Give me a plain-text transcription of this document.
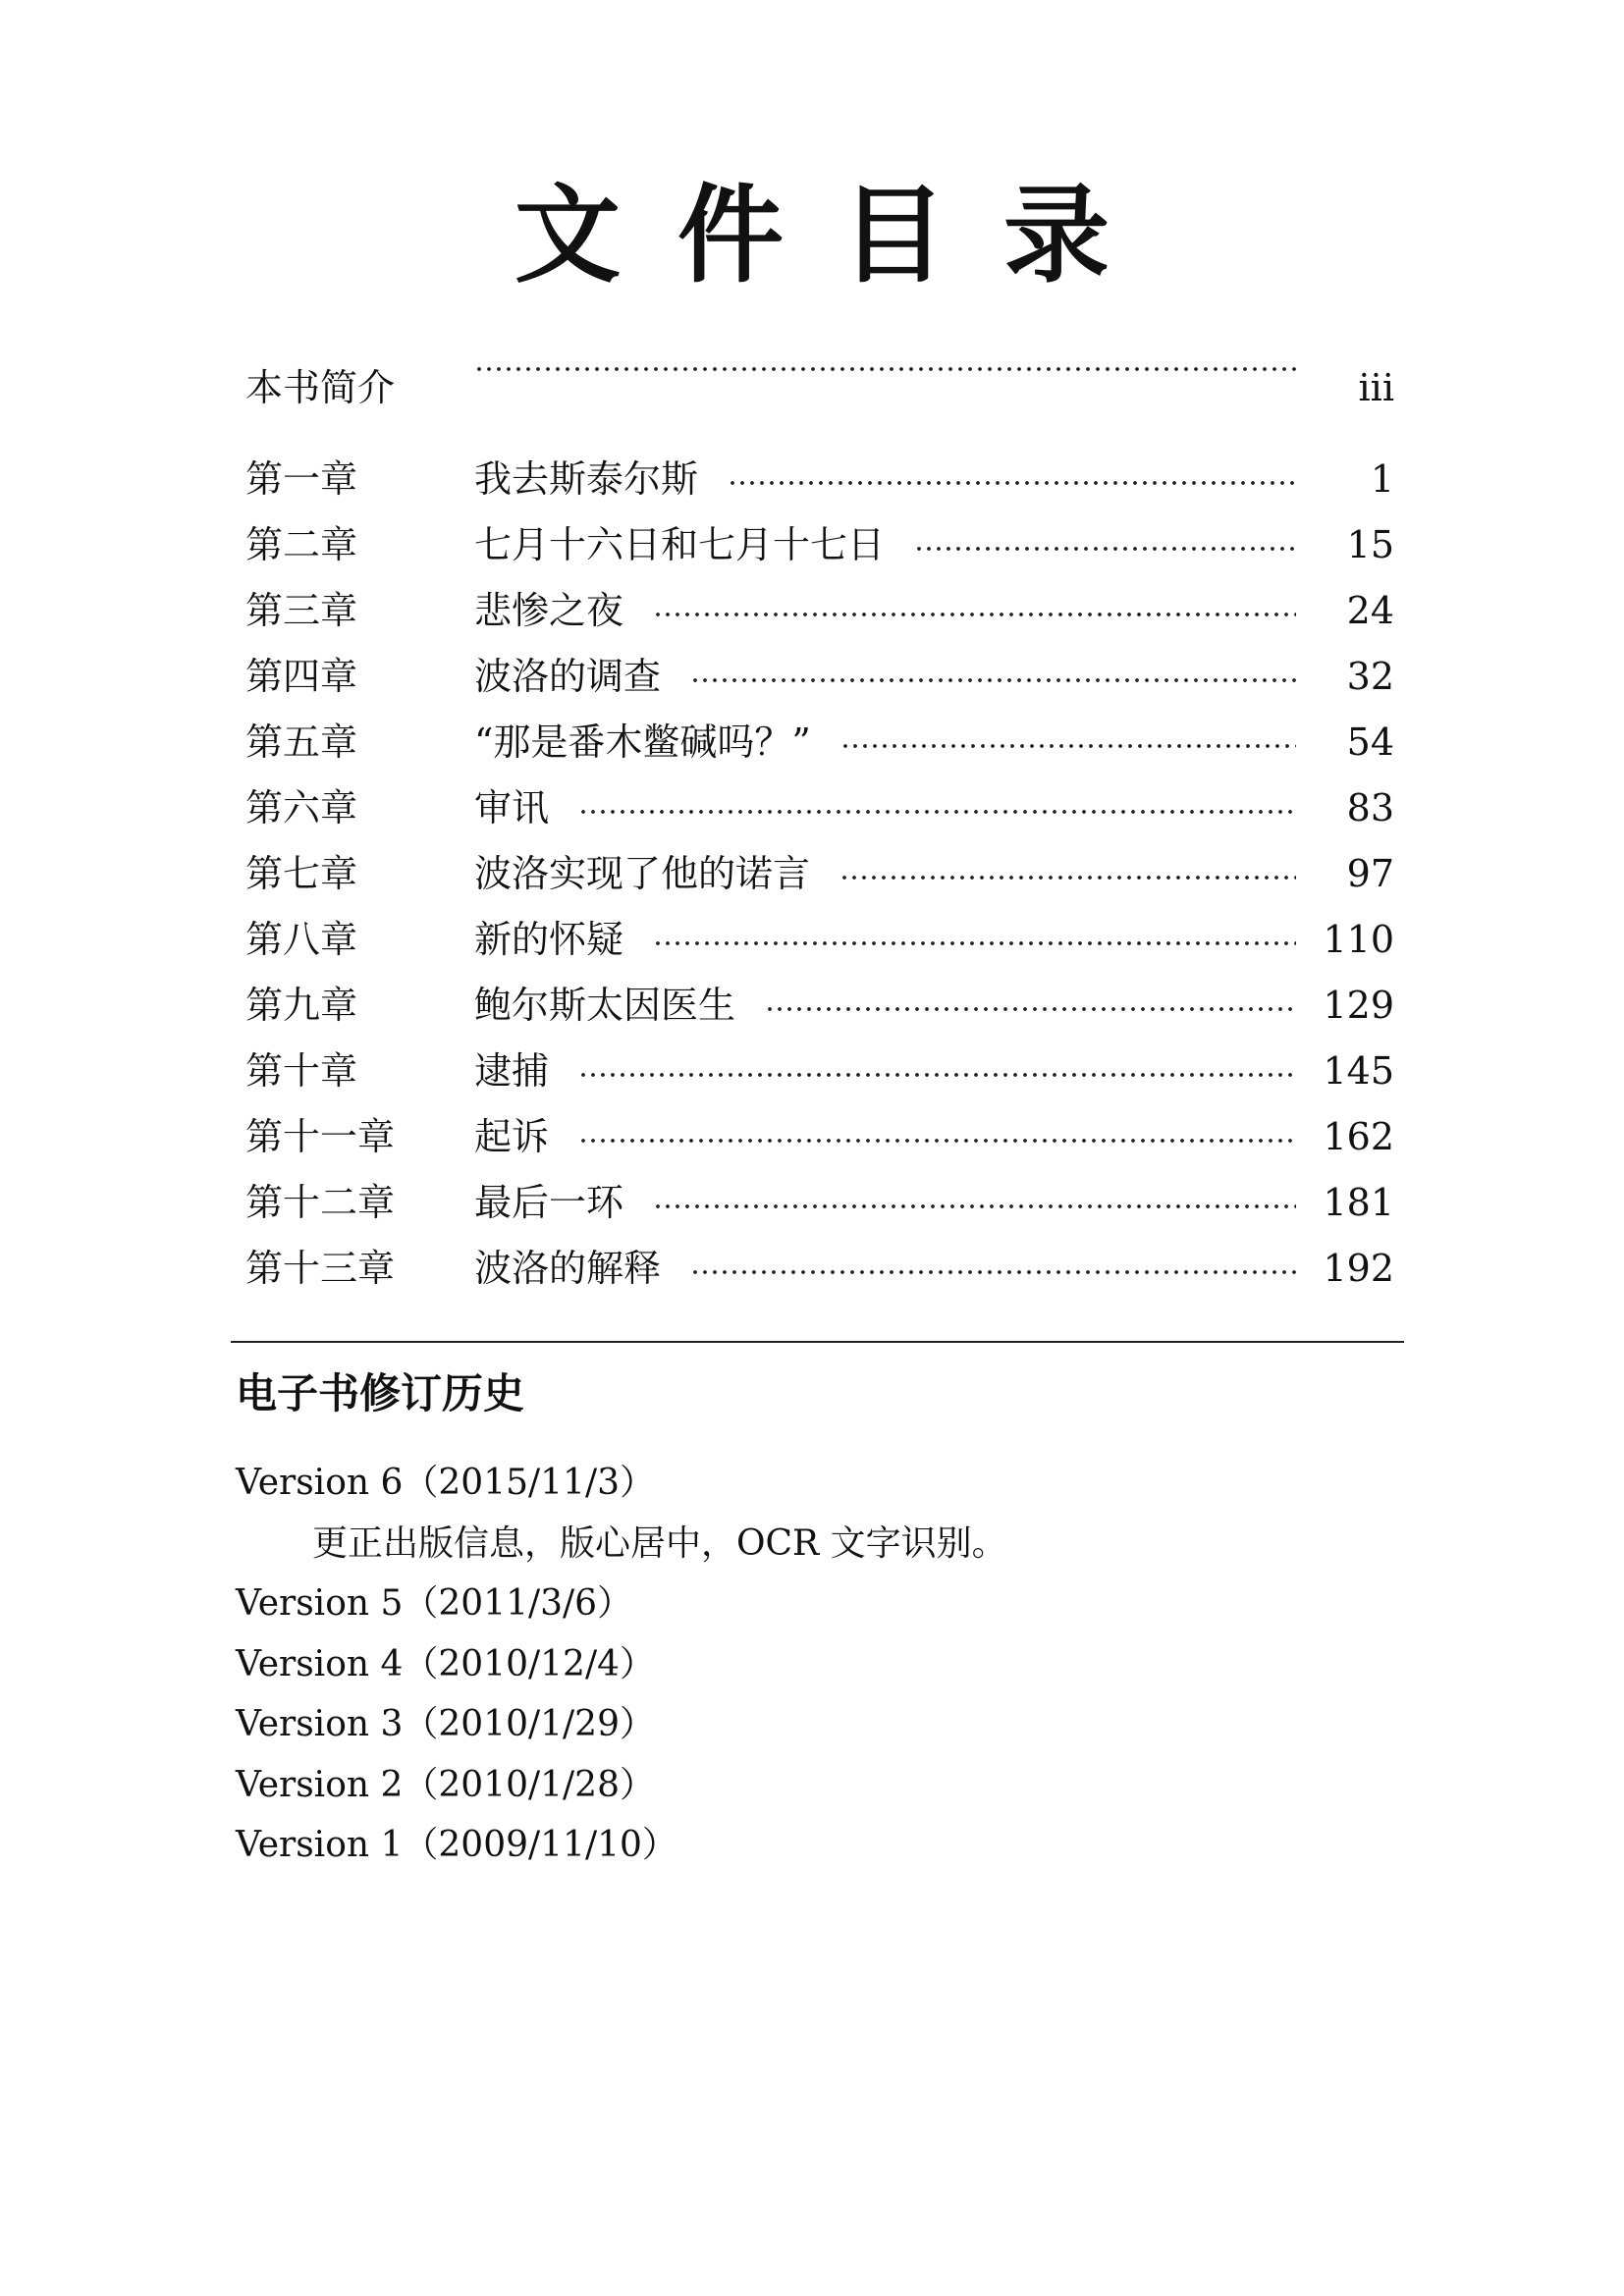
文件目录
本书简介	iii
第一章	我去斯泰尔斯	1
第二章	七月十六日和七月十七日	15
第三章	悲惨之夜	24
第四章	波洛的调查	32
第五章	“那是番木鳖碱吗？”	54
第六章	审讯	83
第七章	波洛实现了他的诺言	97
第八章	新的怀疑	110
第九章	鲍尔斯太因医生	129
第十章	逮捕	145
第十一章 起诉	162
第十二章 最后一环	181
第十三章 波洛的解释	192
电子书修订历史
Version 6（2015/11/3）
更正出版信息，版心居中，OCR 文字识别。
Version 5（2011/3/6）
Version 4（2010/12/4）
Version 3（2010/1/29）
Version 2（2010/1/28）
Version 1（2009/11/10）
